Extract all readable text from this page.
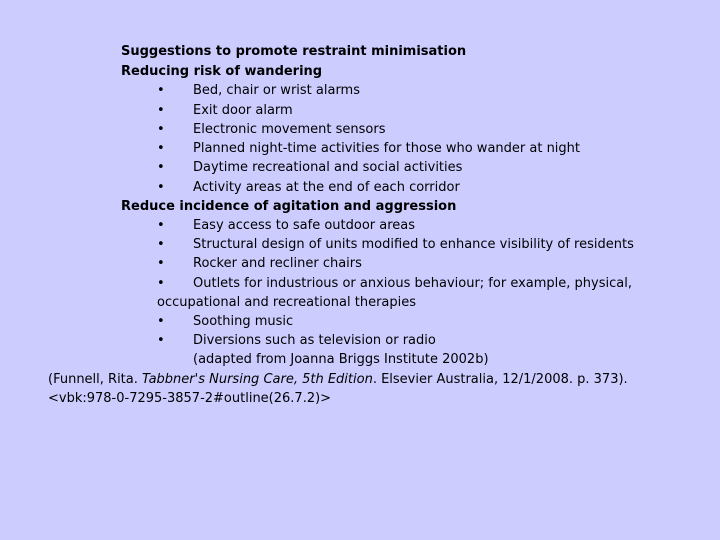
Suggestions to promote restraint minimisation
Reducing risk of wandering
• Bed, chair or wrist alarms
• Exit door alarm
• Electronic movement sensors
• Planned night-time activities for those who wander at night
• Daytime recreational and social activities
• Activity areas at the end of each corridor
Reduce incidence of agitation and aggression
• Easy access to safe outdoor areas
• Structural design of units modified to enhance visibility of residents
• Rocker and recliner chairs
• Outlets for industrious or anxious behaviour; for example, physical,
occupational and recreational therapies
• Soothing music
• Diversions such as television or radio
(adapted from Joanna Briggs Institute 2002b)
(Funnell, Rita. Tabbner's Nursing Care, 5th Edition. Elsevier Australia, 12/1/2008. p. 373).
<vbk:978-0-7295-3857-2#outline(26.7.2)>
